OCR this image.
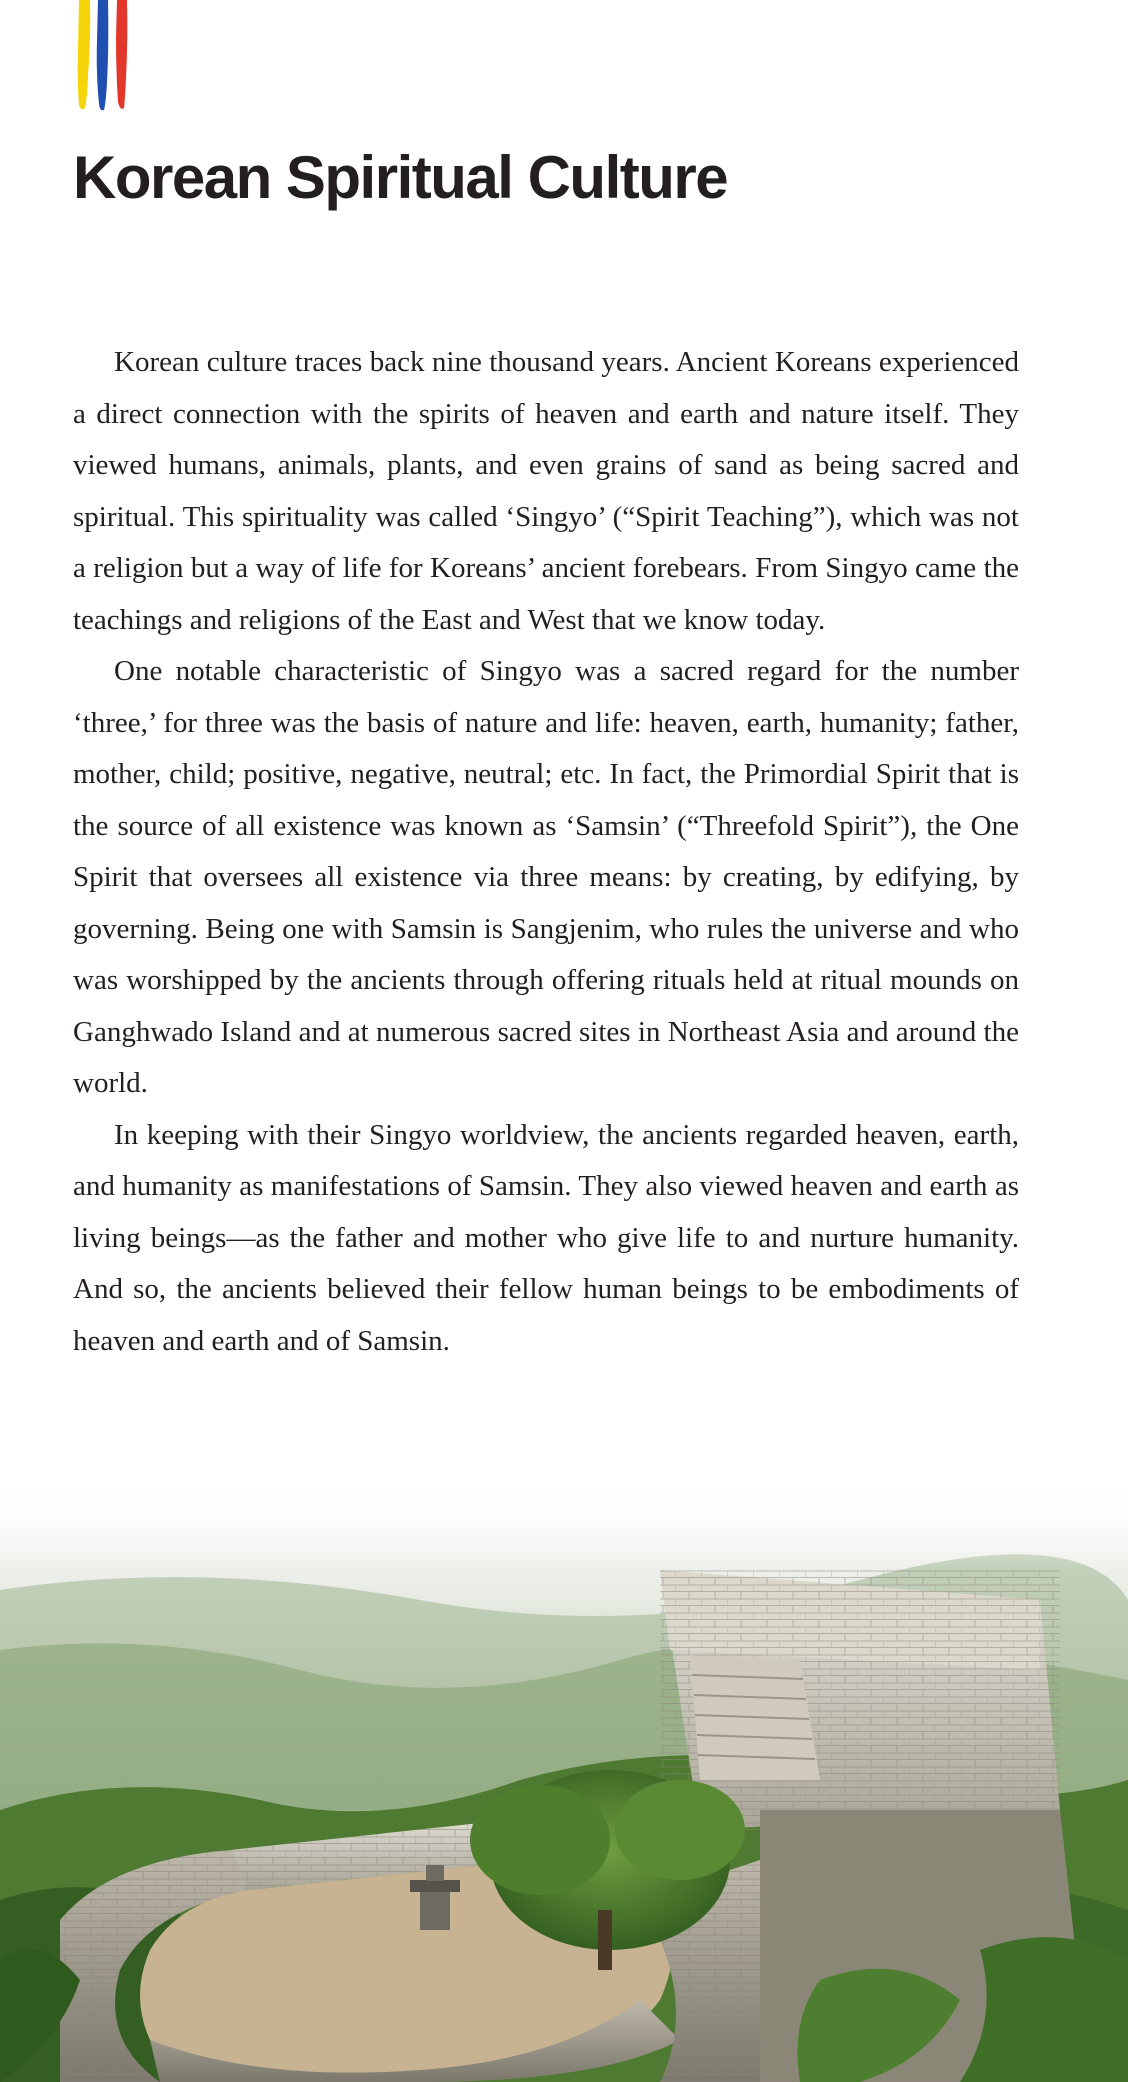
Korean Spiritual Culture

Korean culture traces back nine thousand years. Ancient Koreans experienced a direct connection with the spirits of heaven and earth and nature itself. They viewed humans, animals, plants, and even grains of sand as being sacred and spiritual. This spirituality was called ‘Singyo’ (“Spirit Teaching”), which was not a religion but a way of life for Koreans’ ancient forebears. From Singyo came the teachings and religions of the East and West that we know today.

One notable characteristic of Singyo was a sacred regard for the number ‘three,’ for three was the basis of nature and life: heaven, earth, humanity; father, mother, child; positive, negative, neutral; etc. In fact, the Primordial Spirit that is the source of all existence was known as ‘Samsin’ (“Threefold Spirit”), the One Spirit that oversees all existence via three means: by creating, by edifying, by governing. Being one with Samsin is Sangjenim, who rules the universe and who was worshipped by the ancients through offering rituals held at ritual mounds on Ganghwado Island and at numerous sacred sites in Northeast Asia and around the world.

In keeping with their Singyo worldview, the ancients regarded heaven, earth, and humanity as manifestations of Samsin. They also viewed heaven and earth as living beings—as the father and mother who give life to and nurture humanity. And so, the ancients believed their fellow human beings to be embodiments of heaven and earth and of Samsin.
